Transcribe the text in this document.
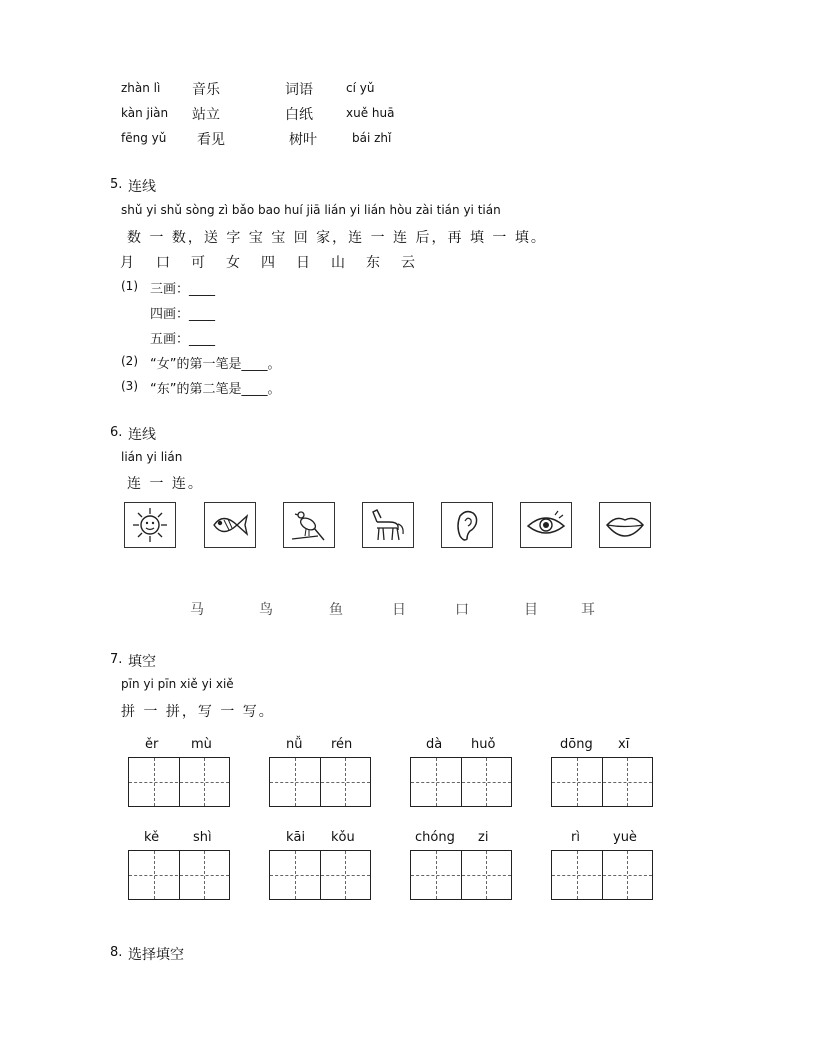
zhàn lì 音乐	词语	cí yǔ
kàn jiàn 站立	白纸	xuě huā
fēng yǔ 看见	树叶	bái zhǐ
5. 连线
shǔ yi shǔ sòng zì bǎo bao huí jiā lián yi lián hòu zài tián yi tián
数 一 数，送 字 宝 宝 回 家，连 一 连 后，再 填 一 填。
月 口 可 女 四 日 山 东 云
(1) 三画：____
四画：____
五画：____
(2) “女”的第一笔是____。
(3) “东”的第二笔是____。
6. 连线
lián yi lián
连 一 连。
马	鸟	鱼	日	口	目	耳
7. 填空
pīn yi pīn xiě yi xiě
拼 一 拼，写 一 写。
ěr	mù	nǚ rén	dà huǒ	dōng xī
kě	shì	kāi kǒu	chóng zi	rì	yuè
8. 选择填空
